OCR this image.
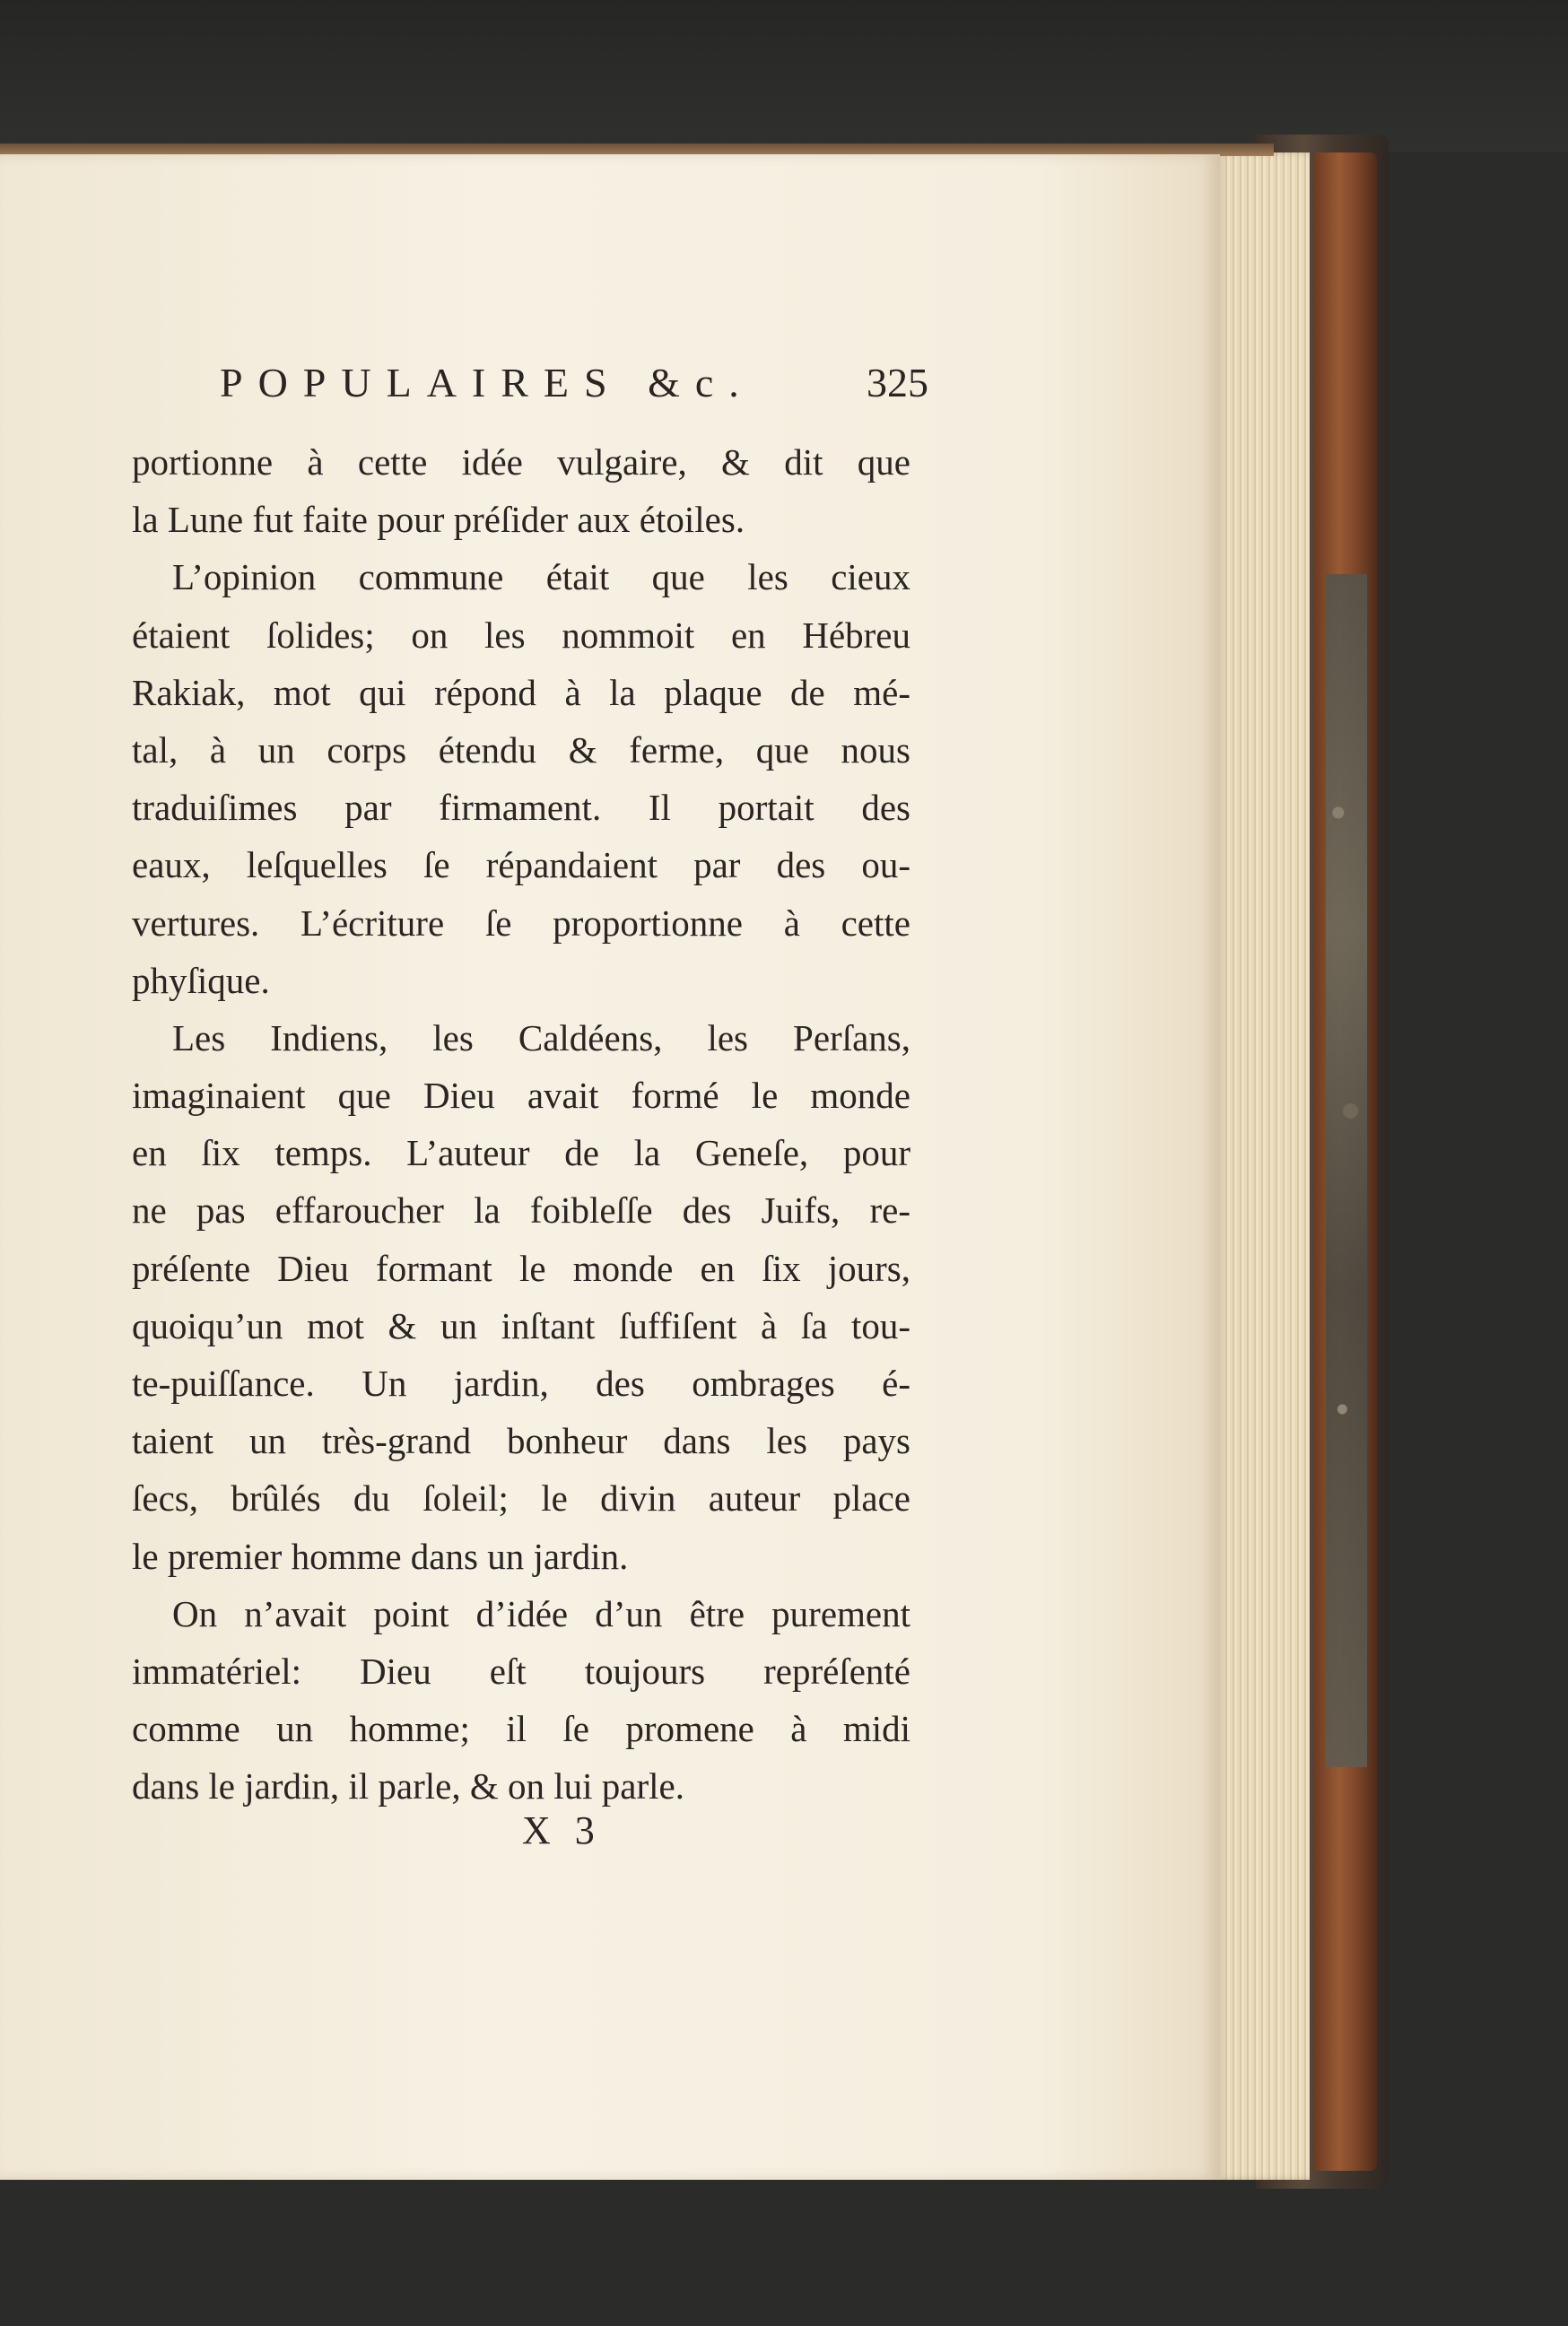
POPULAIRES &c.	325
portionne à cette idée vulgaire, & dit que
la Lune fut faite pour préſider aux étoiles.
L’opinion commune était que les cieux
étaient ſolides; on les nommoit en Hébreu
Rakiak, mot qui répond à la plaque de mé-
tal, à un corps étendu & ferme, que nous
traduiſimes par firmament. Il portait des
eaux, leſquelles ſe répandaient par des ou-
vertures. L’écriture ſe proportionne à cette
phyſique.
Les Indiens, les Caldéens, les Perſans,
imaginaient que Dieu avait formé le monde
en ſix temps. L’auteur de la Geneſe, pour
ne pas effaroucher la foibleſſe des Juifs, re-
préſente Dieu formant le monde en ſix jours,
quoiqu’un mot & un inſtant ſuffiſent à ſa tou-
te-puiſſance. Un jardin, des ombrages é-
taient un très-grand bonheur dans les pays
ſecs, brûlés du ſoleil; le divin auteur place
le premier homme dans un jardin.
On n’avait point d’idée d’un être purement
immatériel: Dieu eſt toujours repréſenté
comme un homme; il ſe promene à midi
dans le jardin, il parle, & on lui parle.
X 3
